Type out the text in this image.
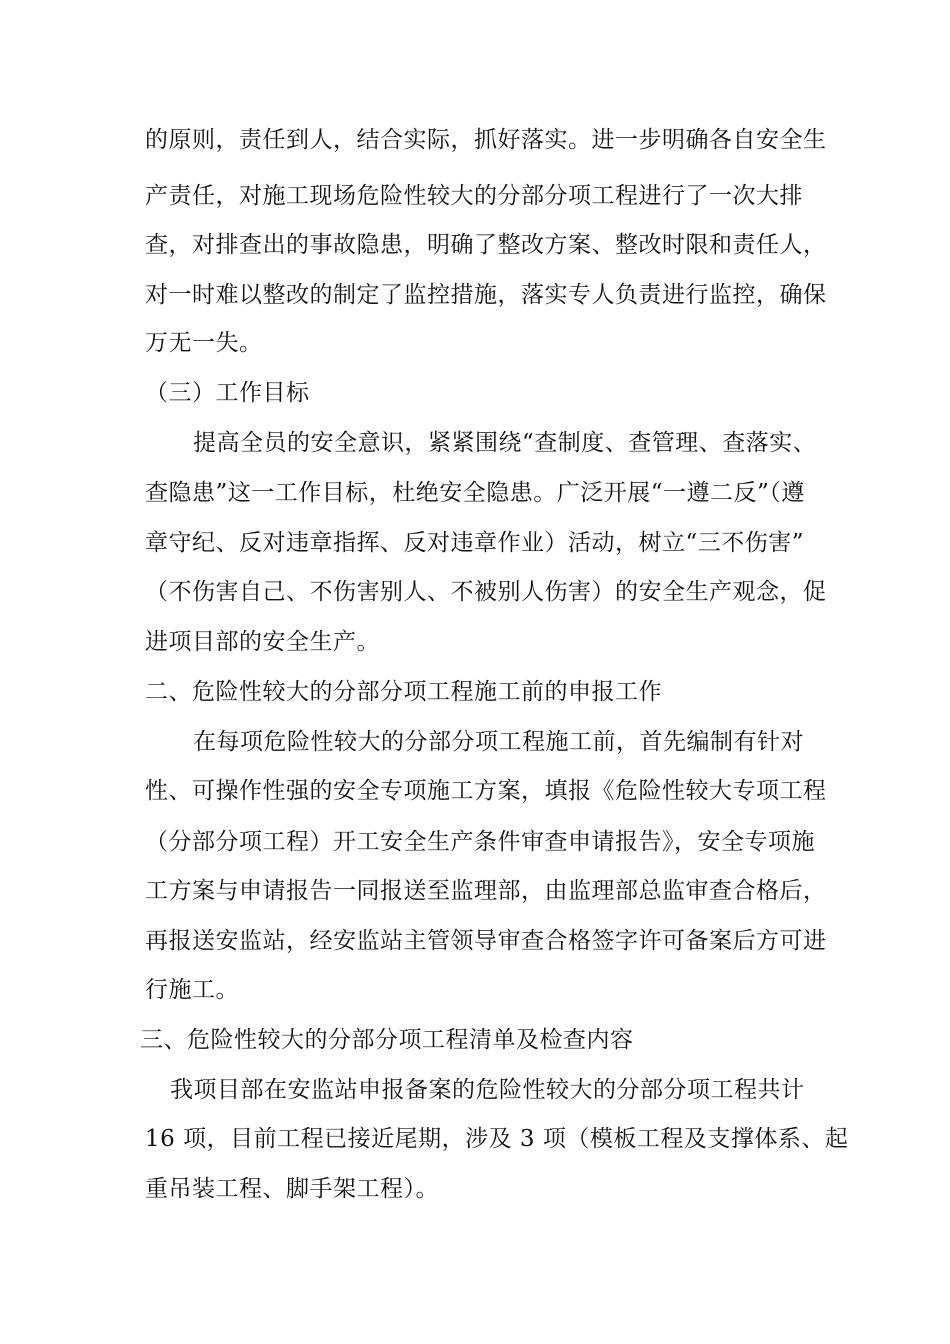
的原则，责任到人，结合实际，抓好落实。进一步明确各自安全生
产责任，对施工现场危险性较大的分部分项工程进行了一次大排
查，对排查出的事故隐患，明确了整改方案、整改时限和责任人，
对一时难以整改的制定了监控措施，落实专人负责进行监控，确保
万无一失。
（三）工作目标
提高全员的安全意识，紧紧围绕“查制度、查管理、查落实、
查隐患”这一工作目标，杜绝安全隐患。广泛开展“一遵二反”（遵
章守纪、反对违章指挥、反对违章作业）活动，树立“三不伤害”
（不伤害自己、不伤害别人、不被别人伤害）的安全生产观念，促
进项目部的安全生产。
二、危险性较大的分部分项工程施工前的申报工作
在每项危险性较大的分部分项工程施工前，首先编制有针对
性、可操作性强的安全专项施工方案，填报《危险性较大专项工程
（分部分项工程）开工安全生产条件审查申请报告》，安全专项施
工方案与申请报告一同报送至监理部，由监理部总监审查合格后，
再报送安监站，经安监站主管领导审查合格签字许可备案后方可进
行施工。
三、危险性较大的分部分项工程清单及检查内容
我项目部在安监站申报备案的危险性较大的分部分项工程共计
16 项，目前工程已接近尾期，涉及 3 项（模板工程及支撑体系、起
重吊装工程、脚手架工程）。
